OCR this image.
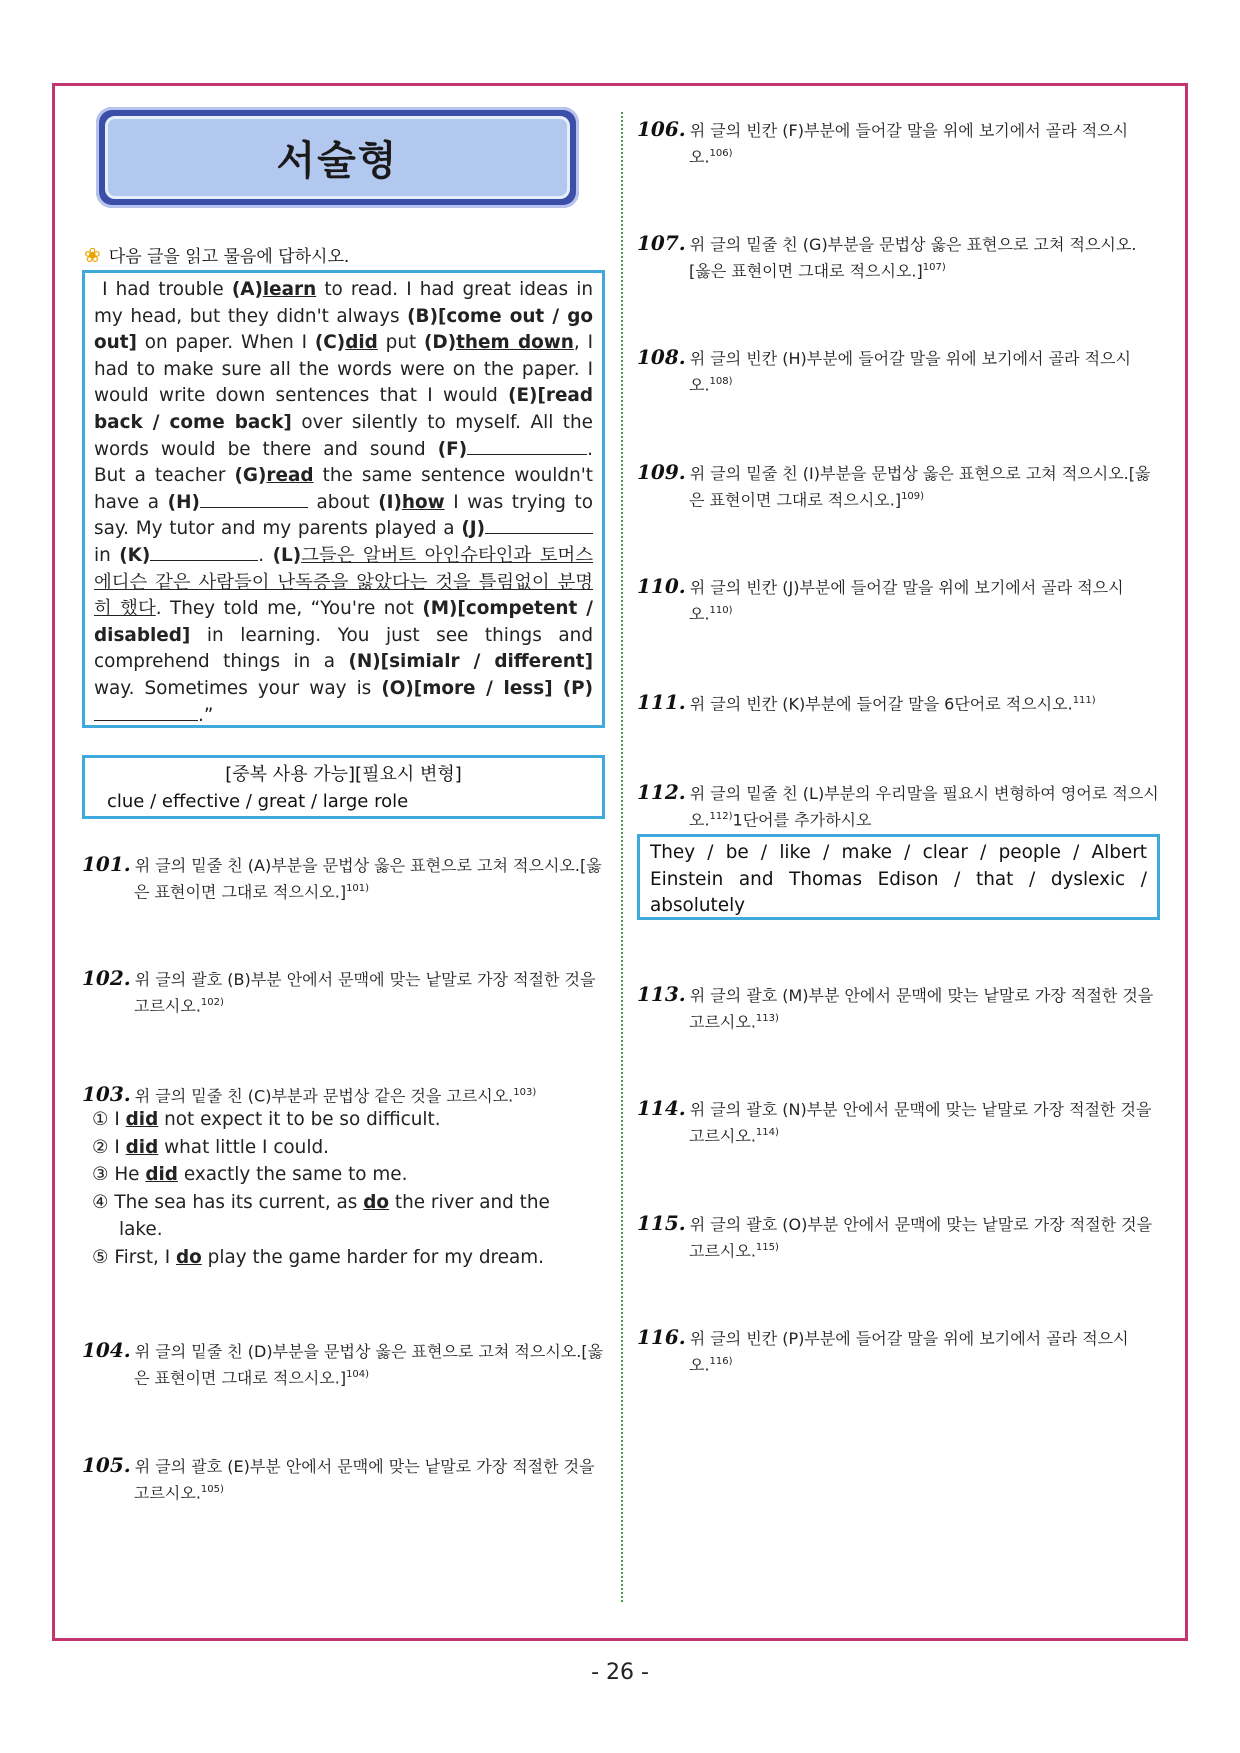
서술형
❀ 다음 글을 읽고 물음에 답하시오.
I had trouble (A)learn to read. I had great ideas in my head, but they didn't always (B)[come out / go out] on paper. When I (C)did put (D)them down, I had to make sure all the words were on the paper. I would write down sentences that I would (E)[read back / come back] over silently to myself. All the words would be there and sound (F)	. But a teacher (G)read the same sentence wouldn't have a (H)	about (I)how I was trying to say. My tutor and my parents played a (J) in (K)	. (L)그들은 알버트 아인슈타인과 토머스 에디슨 같은 사람들이 난독증을 앓았다는 것을 틀림없이 분명히 했다. They told me, “You're not (M)[competent / disabled] in learning. You just see things and comprehend things in a (N)[simialr / different] way. Sometimes your way is (O)[more / less] (P).”
[중복 사용 가능][필요시 변형]
clue / effective / great / large role
101. 위 글의 밑줄 친 (A)부분을 문법상 옳은 표현으로 고쳐 적으시오.[옳
은 표현이면 그대로 적으시오.]$^{101)}$
102. 위 글의 괄호 (B)부분 안에서 문맥에 맞는 낱말로 가장 적절한 것을
고르시오.$^{102)}$
103. 위 글의 밑줄 친 (C)부분과 문법상 같은 것을 고르시오.$^{103)}$
① I did not expect it to be so difficult.
② I did what little I could.
③ He did exactly the same to me.
④ The sea has its current, as do the river and the
lake.
⑤ First, I do play the game harder for my dream.
104. 위 글의 밑줄 친 (D)부분을 문법상 옳은 표현으로 고쳐 적으시오.[옳
은 표현이면 그대로 적으시오.]$^{104)}$
105. 위 글의 괄호 (E)부분 안에서 문맥에 맞는 낱말로 가장 적절한 것을
고르시오.$^{105)}$
106. 위 글의 빈칸 (F)부분에 들어갈 말을 위에 보기에서 골라 적으시
오.$^{106)}$
107. 위 글의 밑줄 친 (G)부분을 문법상 옳은 표현으로 고쳐 적으시오.
[옳은 표현이면 그대로 적으시오.]$^{107)}$
108. 위 글의 빈칸 (H)부분에 들어갈 말을 위에 보기에서 골라 적으시
오.$^{108)}$
109. 위 글의 밑줄 친 (I)부분을 문법상 옳은 표현으로 고쳐 적으시오.[옳
은 표현이면 그대로 적으시오.]$^{109)}$
110. 위 글의 빈칸 (J)부분에 들어갈 말을 위에 보기에서 골라 적으시
오.$^{110)}$
111. 위 글의 빈칸 (K)부분에 들어갈 말을 6단어로 적으시오.$^{111)}$
112. 위 글의 밑줄 친 (L)부분의 우리말을 필요시 변형하여 영어로 적으시
오.$^{112)}$1단어를 추가하시오
They / be / like / make / clear / people / Albert Einstein and Thomas Edison / that / dyslexic / absolutely
113. 위 글의 괄호 (M)부분 안에서 문맥에 맞는 낱말로 가장 적절한 것을
고르시오.$^{113)}$
114. 위 글의 괄호 (N)부분 안에서 문맥에 맞는 낱말로 가장 적절한 것을
고르시오.$^{114)}$
115. 위 글의 괄호 (O)부분 안에서 문맥에 맞는 낱말로 가장 적절한 것을
고르시오.$^{115)}$
116. 위 글의 빈칸 (P)부분에 들어갈 말을 위에 보기에서 골라 적으시
오.$^{116)}$
- 26 -
